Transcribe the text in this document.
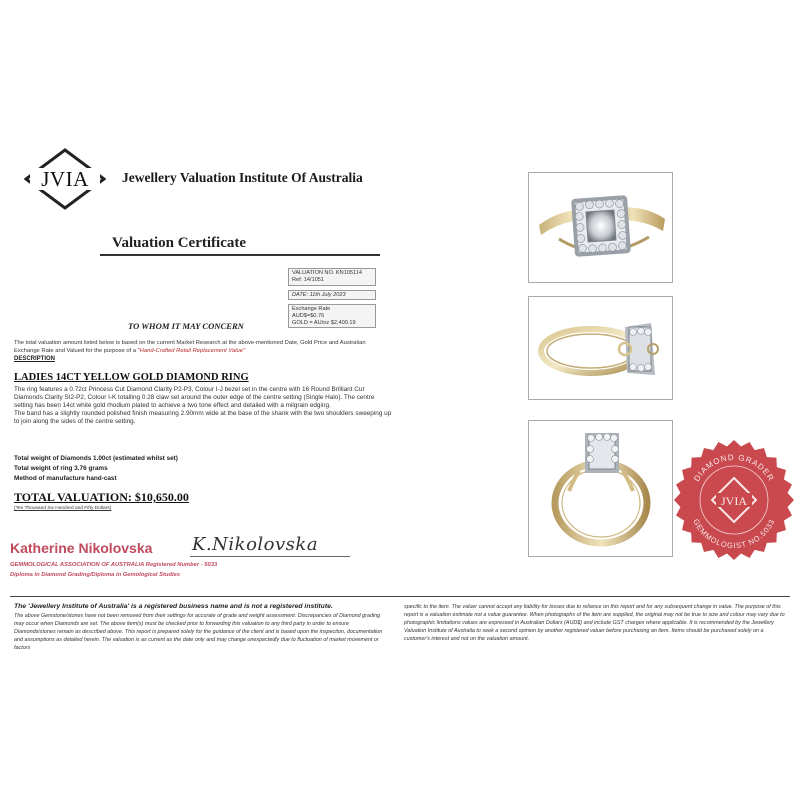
JVIA Jewellery Valuation Institute Of Australia
Valuation Certificate
VALUATION NO. KN105114
Ref: 14/1051
DATE: 11th July 2023
Exchange Rate
AUD$=$0.76
GOLD = AU/oz $2,400.19
TO WHOM IT MAY CONCERN
The total valuation amount listed below is based on the current Market Research at the above-mentioned Date, Gold Price and Australian Exchange Rate and Valued for the purpose of a "Hand-Crafted Retail Replacement Value"
DESCRIPTION
LADIES 14CT YELLOW GOLD DIAMOND RING

The ring features a 0.72ct Princess Cut Diamond Clarity P2-P3, Colour I-J bezel set in the centre with 16 Round Brilliant Cut Diamonds Clarity SI2-P2, Colour I-K totalling 0.28 claw set around the outer edge of the centre setting (Single Halo). The centre setting has been 14ct white gold rhodium plated to achieve a two tone effect and detailed with a milgrain edging.

The band has a slightly rounded polished finish measuring 2.90mm wide at the base of the shank with the two shoulders sweeping up to join along the sides of the centre setting.

Total weight of Diamonds 1.00ct (estimated whilst set)
Total weight of ring 3.76 grams
Method of manufacture hand-cast
TOTAL VALUATION: $10,650.00
(Ten Thousand Six Hundred and Fifty Dollars)
Katherine Nikolovska K.Nikolovska
GEMMOLOGICAL ASSOCIATION OF AUSTRALIA Registered Number - 5033
Diploma in Diamond Grading/Diploma in Gemological Studies
The 'Jewellery Institute of Australia' is a registered business name and is not a registered institute.
The above Gemstone/stones have not been removed from their settings for accurate of grade and weight assessment. Discrepancies of Diamond grading may occur when Diamonds are set. The above item(s) must be checked prior to forwarding this valuation to any third party in order to ensure Diamonds/stones remain as described above. This report is prepared solely for the guidance of the client and is based upon the inspection, documentation and assumptions as detailed herein. The valuation is as current as the date only and may change unexpectedly due to fluctuation of market movement or factors
specific to the item. The valuer cannot accept any liability for losses due to reliance on this report and for any subsequent change in value. The purpose of this report is a valuation estimate not a value guarantee. When photographs of the item are supplied, the original may not be true to size and colour may vary due to photographic limitations values are expressed in Australian Dollars (AUD$) and include GST charges where applicable. It is recommended by the Jewellery Valuation Institute of Australia to seek a second opinion by another registered valuer before purchasing an item. Items should be purchased solely on a customer's interest and not on the valuation amount.
DIAMOND GRADER
GEMMOLOGIST NO.5033
JVIA
